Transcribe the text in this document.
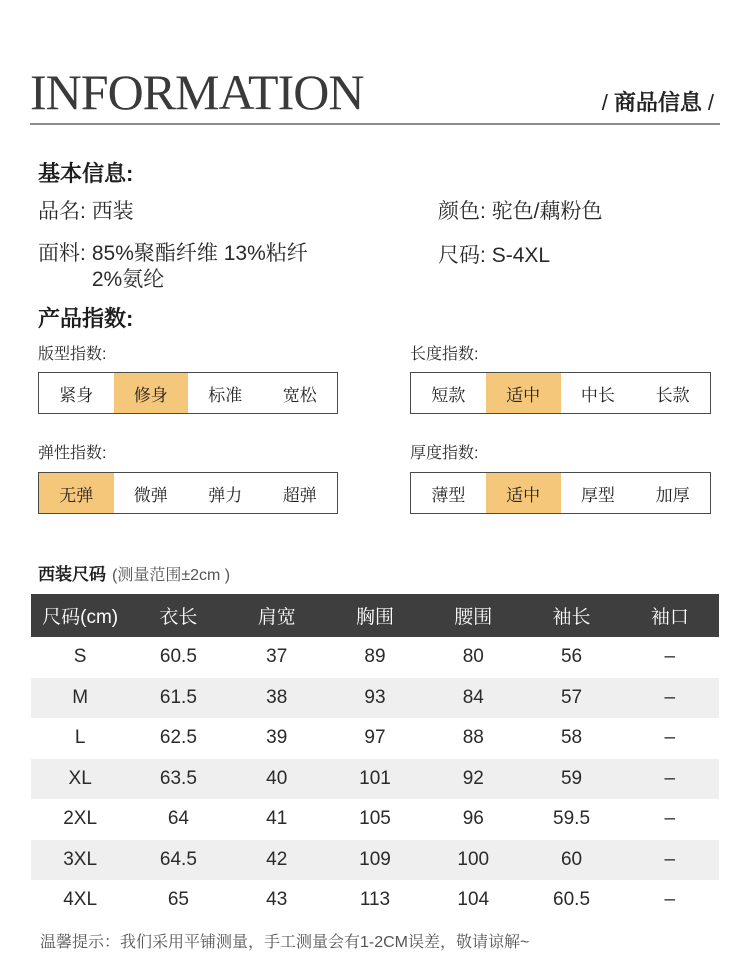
INFORMATION	/ 商品信息 /
基本信息:
品名: 西装	颜色: 驼色/藕粉色
面料: 85%聚酯纤维 13%粘纤
2%氨纶
尺码: S-4XL
产品指数:
版型指数:
紧身	修身	标准	宽松
长度指数:
短款	适中	中长	长款
弹性指数:
无弹	微弹	弹力	超弹
厚度指数:
薄型	适中	厚型	加厚
西装尺码 (测量范围±2cm )
尺码(cm)	衣长	肩宽	胸围	腰围	袖长	袖口
S	60.5	37	89	80	56	–
M	61.5	38	93	84	57	–
L	62.5	39	97	88	58	–
XL	63.5	40	101	92	59	–
2XL	64	41	105	96	59.5	–
3XL	64.5	42	109	100	60	–
4XL	65	43	113	104	60.5	–
温馨提示：我们采用平铺测量，手工测量会有1-2CM误差，敬请谅解~
